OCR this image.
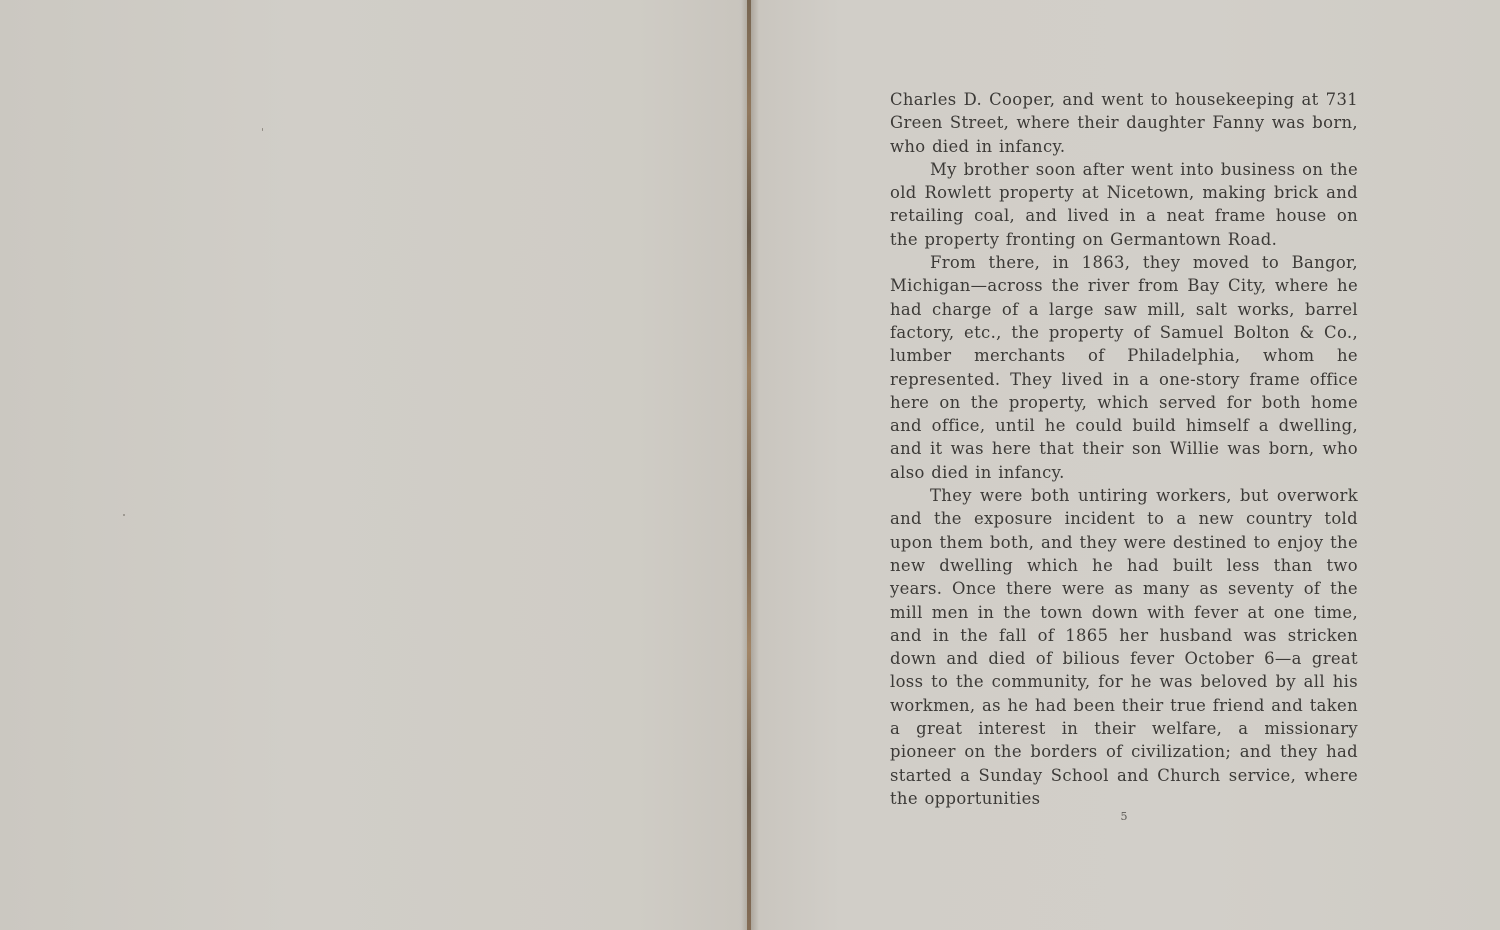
Charles D. Cooper, and went to housekeeping at 731 Green Street, where their daughter Fanny was born, who died in infancy.

My brother soon after went into business on the old Rowlett property at Nicetown, making brick and retailing coal, and lived in a neat frame house on the property fronting on Germantown Road.

From there, in 1863, they moved to Bangor, Michigan—across the river from Bay City, where he had charge of a large saw mill, salt works, barrel factory, etc., the property of Samuel Bolton & Co., lumber merchants of Philadelphia, whom he represented. They lived in a one-story frame office here on the property, which served for both home and office, until he could build himself a dwelling, and it was here that their son Willie was born, who also died in infancy.

They were both untiring workers, but overwork and the exposure incident to a new country told upon them both, and they were destined to enjoy the new dwelling which he had built less than two years. Once there were as many as seventy of the mill men in the town down with fever at one time, and in the fall of 1865 her husband was stricken down and died of bilious fever October 6—a great loss to the community, for he was beloved by all his workmen, as he had been their true friend and taken a great interest in their welfare, a missionary pioneer on the borders of civilization; and they had started a Sunday School and Church service, where the opportunities

5
